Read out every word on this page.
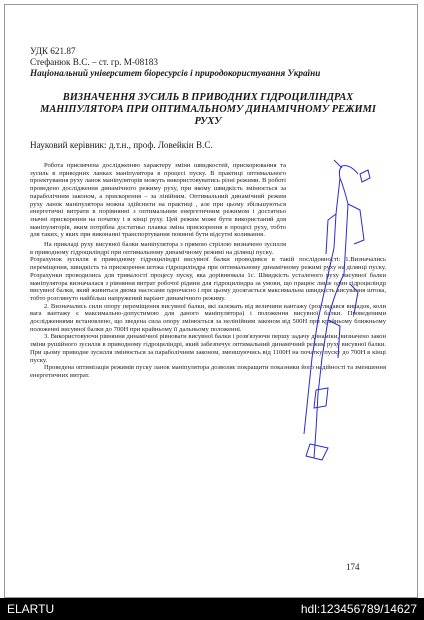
УДК 621.87
Стефанюк В.С. – ст. гр. М-08183
Національний університет біоресурсів і природокористування України
ВИЗНАЧЕННЯ ЗУСИЛЬ В ПРИВОДНИХ ГІДРОЦИЛІНДРАХ МАНІПУЛЯТОРА ПРИ ОПТИМАЛЬНОМУ ДИНАМІЧНОМУ РЕЖИМІ РУХУ
Науковий керівник: д.т.н., проф. Ловейкін В.С.

Робота присвячена дослідженню характеру зміни швидкостей, прискорювання та зусиль в приводних ланках маніпулятора в процесі пуску. В практиці оптимального проектування руху ланок маніпуляторів можуть використовуватись різні режими. В роботі проведено дослідження динамічного режиму руху, при якому швидкість змінюється за параболічним законом, а прискорення – за лінійним. Оптимальний динамічний режим руху ланок маніпулятора можна здійснити на практиці , але при цьому збільшуються енергетичні витрати в порівнянні з оптимальним енергетичним режимом і достатньо значні прискорення на початку і в кінці руху. Цей режим може бути використаний для маніпуляторів, яким потрібна достатньо плавка зміна прискорення в процесі руху, тобто для таких, у яких при виконанні транспортування повинні бути відсутні коливання.

На прикладі руху висувної балки маніпулятора з прямою стрілою визначено зусилля в приводному гідроциліндрі при оптимальному динамічному режимі на ділянці пуску.

Розрахунок зусилля в приводному гідроциліндрі висувної балки проводився в такій послідовності: 1.Визначались переміщення, швидкість та прискорення штока гідроциліндра при оптимальному динамічному режимі руху на ділянці пуску. Розрахунки проводились для тривалості процесу пуску, яка дорівнювала 1с. Швидкість усталеного руху висувної балки маніпулятора визначалася з рівняння витрат робочої рідини для гідроциліндра за умови, що працює лише один гідроциліндр висувної балки, який живиться двома насосами одночасно і при цьому досягається максимальна швидкість висування штока, тобто розглянуто найбільш напружений варіант динамічного режиму.

2. Визначались сили опору переміщення висувної балки, які залежать від величини вантажу (розглядався випадок, коли вага вантажу є максимально-допустимою для даного маніпулятора) і положення висувної балки. Проведеними дослідженнями встановлено, що зведена сила опору змінюється за нелінійним законом від 500Н при крайньому ближньому положенні висувної балки до 700Н при крайньому її дальньому положенні.

3. Використовуючи рівняння динамічної рівноваги висувної балки і розв'язуючи першу задачу динаміки, визначено закон зміни рушійного зусилля в приводному гідроциліндрі, який забезпечує оптимальний динамічний режим руху висувної балки. При цьому приводне зусилля змінюється за параболічним законом, зменшуючись від 1100Н на початку пуску до 700Н в кінці пуску.

Проведена оптимізація режимів пуску ланок маніпулятора дозволяє покращити показники його надійності та зменшення енергетичних витрат.

174
ELARTU	hdl:123456789/14627
